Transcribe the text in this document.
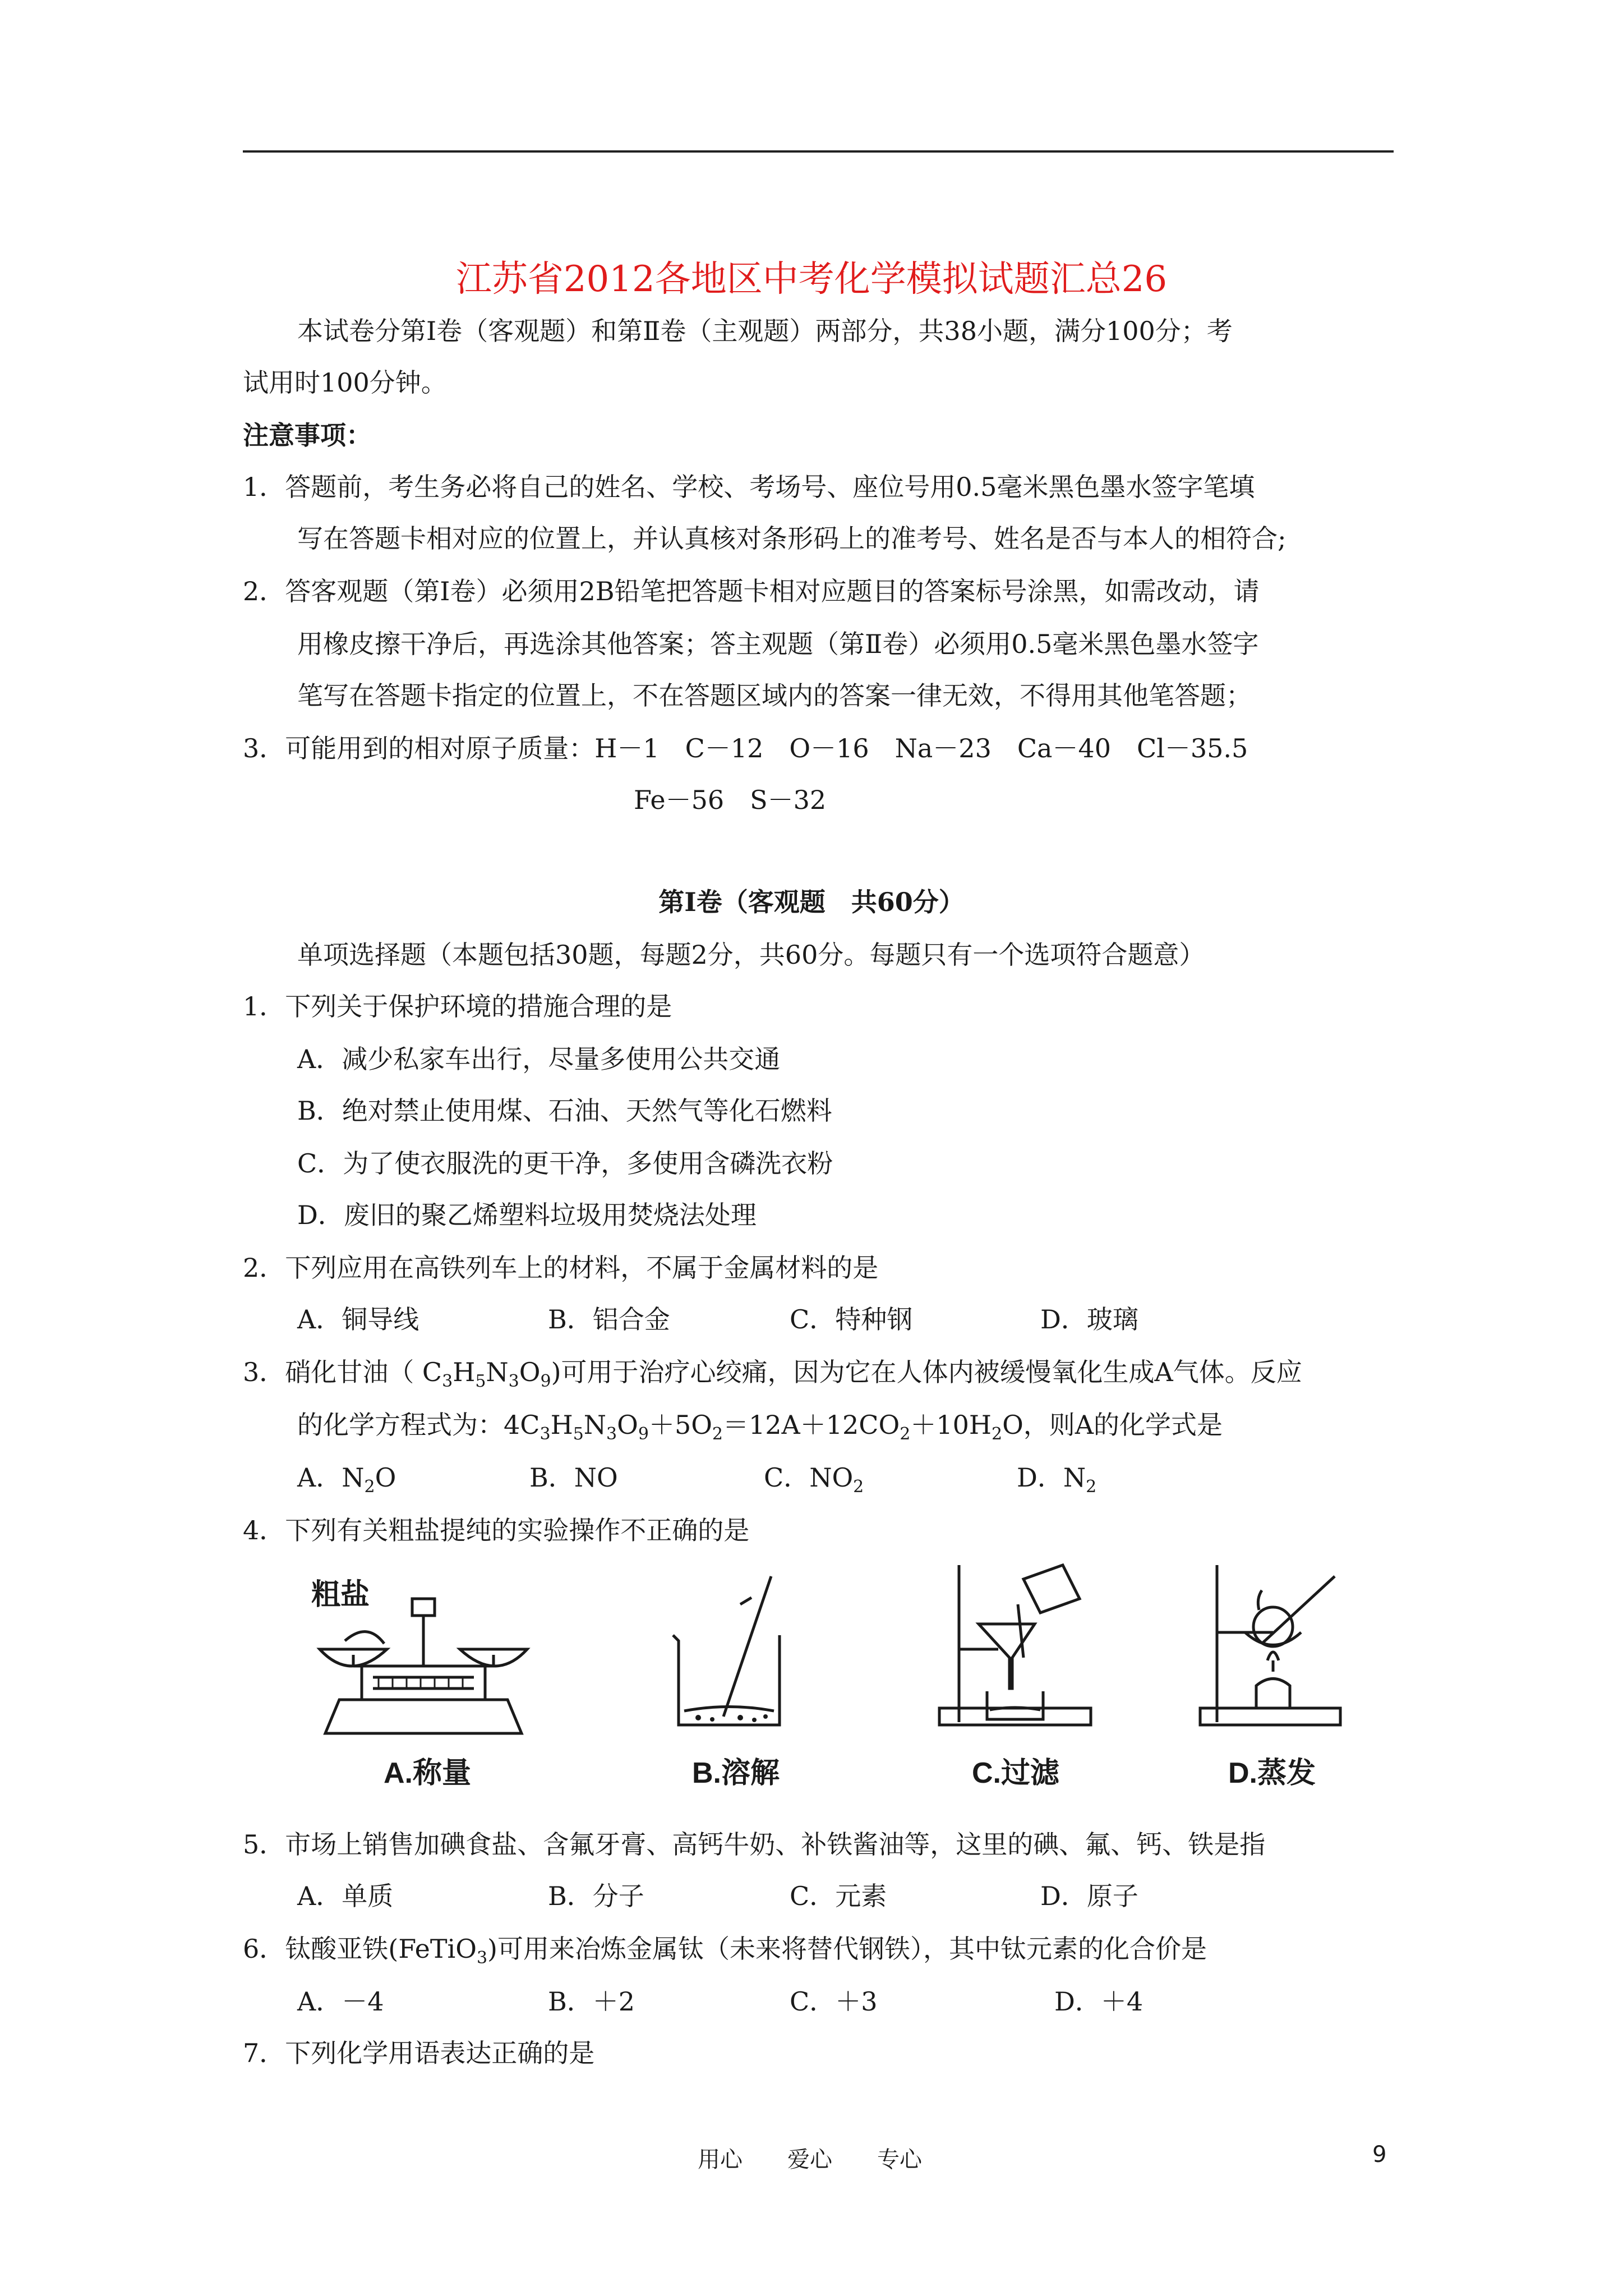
江苏省2012各地区中考化学模拟试题汇总26
本试卷分第Ⅰ卷（客观题）和第Ⅱ卷（主观题）两部分，共38小题，满分100分；考
试用时100分钟。
注意事项：
1．答题前，考生务必将自己的姓名、学校、考场号、座位号用0.5毫米黑色墨水签字笔填
写在答题卡相对应的位置上，并认真核对条形码上的准考号、姓名是否与本人的相符合;
2．答客观题（第Ⅰ卷）必须用2B铅笔把答题卡相对应题目的答案标号涂黑，如需改动，请
用橡皮擦干净后，再选涂其他答案；答主观题（第Ⅱ卷）必须用0.5毫米黑色墨水签字
笔写在答题卡指定的位置上，不在答题区域内的答案一律无效，不得用其他笔答题；
3．可能用到的相对原子质量：H－1　C－12　O－16　Na－23　Ca－40　Cl－35.5
Fe－56　S－32
第Ⅰ卷（客观题　共60分）
单项选择题（本题包括30题，每题2分，共60分。每题只有一个选项符合题意）
1．下列关于保护环境的措施合理的是
A．减少私家车出行，尽量多使用公共交通
B．绝对禁止使用煤、石油、天然气等化石燃料
C．为了使衣服洗的更干净，多使用含磷洗衣粉
D．废旧的聚乙烯塑料垃圾用焚烧法处理
2．下列应用在高铁列车上的材料，不属于金属材料的是
A．铜导线	B．铝合金	C．特种钢	D．玻璃
3．硝化甘油（ $C_3H_5N_3O_9$)可用于治疗心绞痛，因为它在人体内被缓慢氧化生成A气体。反应
的化学方程式为：$4C_3H_5N_3O_9+5O_2=12A+12CO_2+10H_2O$，则A的化学式是
A．$N_2O$	B．NO	C．$NO_2$	D．$N_2$
4．下列有关粗盐提纯的实验操作不正确的是
粗盐
A.称量	B.溶解	C.过滤	D.蒸发
5．市场上销售加碘食盐、含氟牙膏、高钙牛奶、补铁酱油等，这里的碘、氟、钙、铁是指
A．单质	B．分子	C．元素	D．原子
6．钛酸亚铁(FeTiO$_3$)可用来冶炼金属钛（未来将替代钢铁），其中钛元素的化合价是
A．－4	B．＋2	C．＋3	D．＋4
7．下列化学用语表达正确的是
用心　　爱心　　专心	9
